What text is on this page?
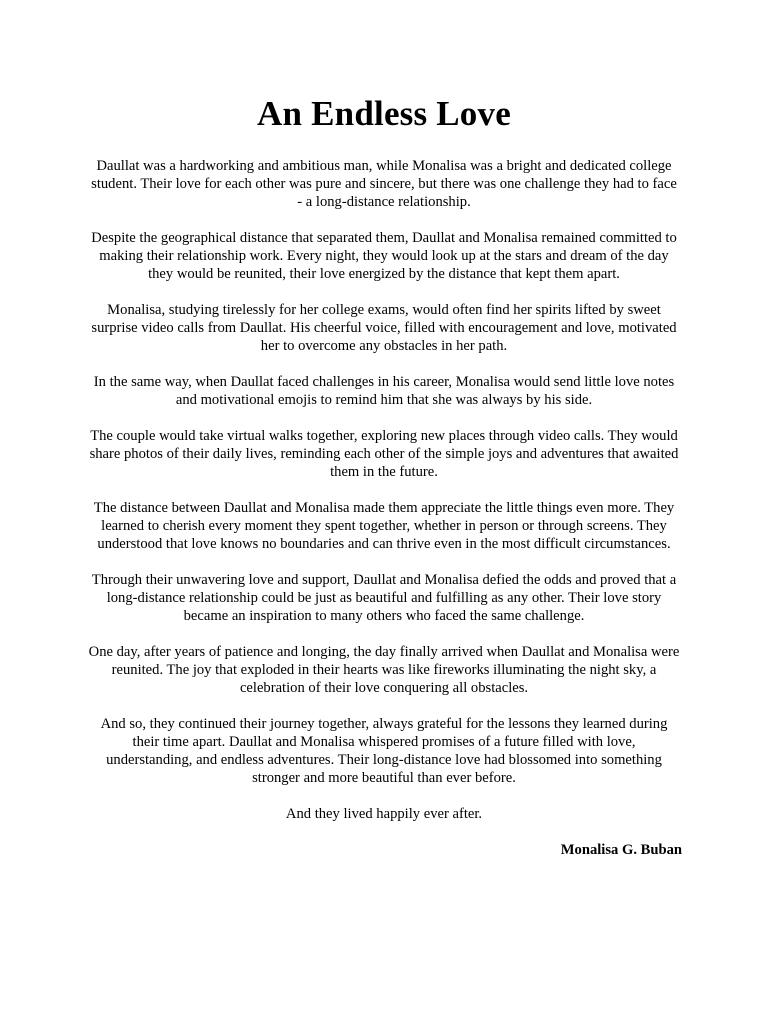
An Endless Love

Daullat was a hardworking and ambitious man, while Monalisa was a bright and dedicated college student. Their love for each other was pure and sincere, but there was one challenge they had to face - a long-distance relationship.

Despite the geographical distance that separated them, Daullat and Monalisa remained committed to making their relationship work. Every night, they would look up at the stars and dream of the day they would be reunited, their love energized by the distance that kept them apart.

Monalisa, studying tirelessly for her college exams, would often find her spirits lifted by sweet surprise video calls from Daullat. His cheerful voice, filled with encouragement and love, motivated her to overcome any obstacles in her path.

In the same way, when Daullat faced challenges in his career, Monalisa would send little love notes and motivational emojis to remind him that she was always by his side.

The couple would take virtual walks together, exploring new places through video calls. They would share photos of their daily lives, reminding each other of the simple joys and adventures that awaited them in the future.

The distance between Daullat and Monalisa made them appreciate the little things even more. They learned to cherish every moment they spent together, whether in person or through screens. They understood that love knows no boundaries and can thrive even in the most difficult circumstances.

Through their unwavering love and support, Daullat and Monalisa defied the odds and proved that a long-distance relationship could be just as beautiful and fulfilling as any other. Their love story became an inspiration to many others who faced the same challenge.

One day, after years of patience and longing, the day finally arrived when Daullat and Monalisa were reunited. The joy that exploded in their hearts was like fireworks illuminating the night sky, a celebration of their love conquering all obstacles.

And so, they continued their journey together, always grateful for the lessons they learned during their time apart. Daullat and Monalisa whispered promises of a future filled with love, understanding, and endless adventures. Their long-distance love had blossomed into something stronger and more beautiful than ever before.

And they lived happily ever after.

Monalisa G. Buban
